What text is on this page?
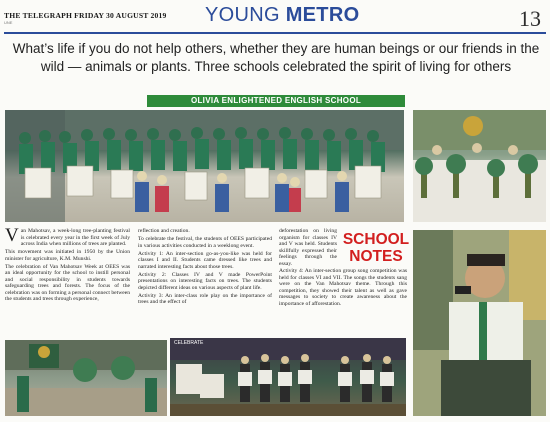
THE TELEGRAPH FRIDAY 30 AUGUST 2019
UNE	YOUNG METRO	13
What’s life if you do not help others, whether they are human beings or our friends in the wild — animals or plants. Three schools celebrated the spirit of living for others
OLIVIA ENLIGHTENED ENGLISH SCHOOL
CELEBRATE

Van Mahotsav, a week-long tree-planting festival is celebrated every year in the first week of July across India when millions of trees are planted.

This movement was initiated in 1950 by the Union minister for agriculture, K.M. Munshi.

The celebration of Van Mahotsav Week at OEES was an ideal opportunity for the school to instill personal and social responsibility in students towards safeguarding trees and forests. The focus of the celebration was on forming a personal connect between the students and trees through experience,

reflection and creation.

To celebrate the festival, the students of OEES participated in various activities conducted in a weeklong event.

Activity 1: An inter-section go-as-you-like was held for classes I and II. Students came dressed like trees and narrated interesting facts about those trees.

Activity 2: Classes IV and V made PowerPoint presentations on interesting facts on trees. The students depicted different ideas on various aspects of plant life.

Activity 3: An inter-class role play on the importance of trees and the effect of

deforestation on living organism for classes IV and V was held. Students skillfully expressed their feelings through the essay.

SCHOOL NOTES

Activity 4: An inter-section group song competition was held for classes VI and VII. The songs the students sang were on the Van Mahotsav theme. Through this competition, they showed their talent as well as gave messages to society to create awareness about the importance of afforestation.
